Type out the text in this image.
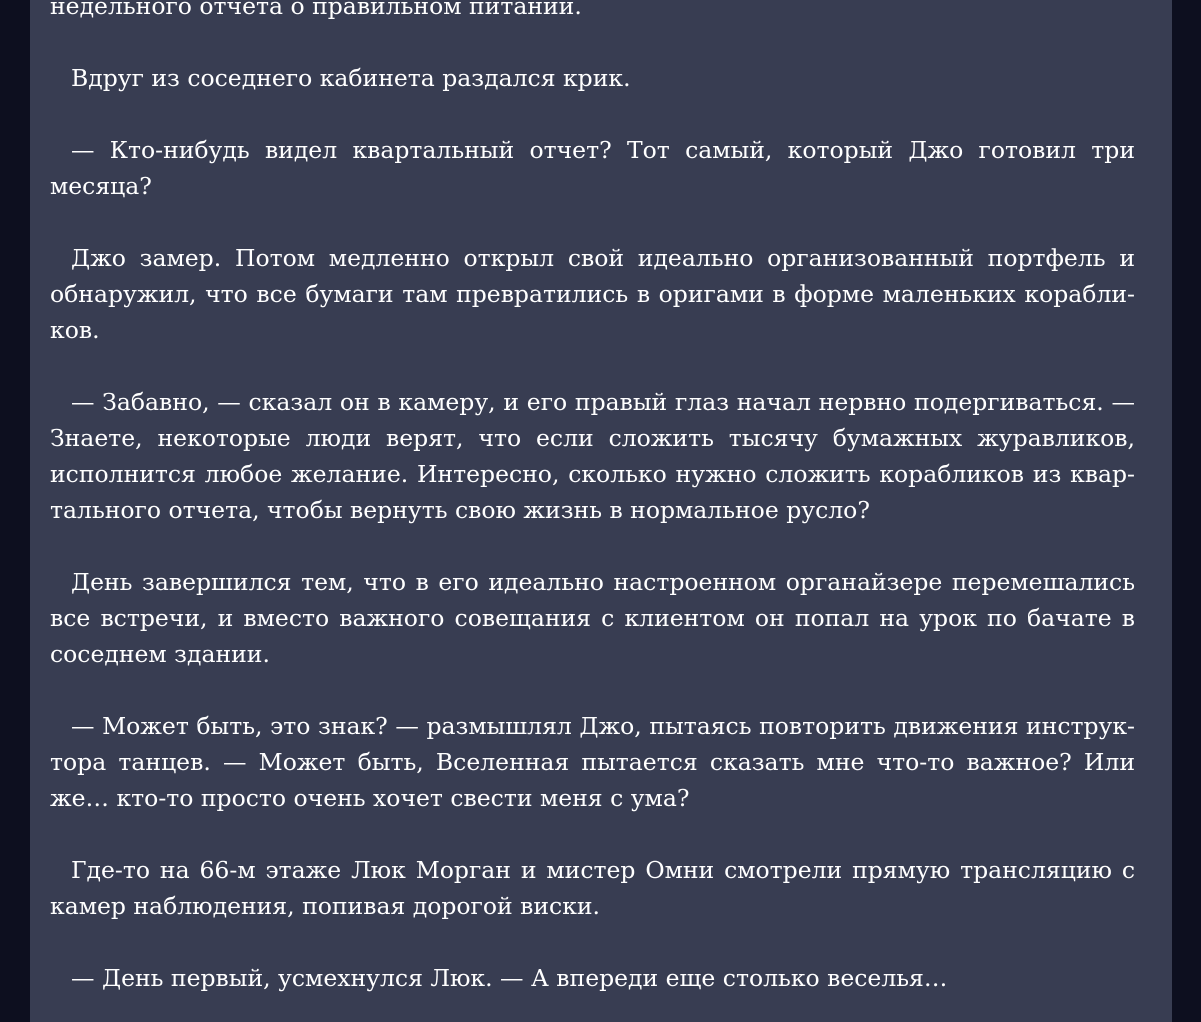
недельного отчета о правильном питании.

Вдруг из соседнего кабинета раздался крик.

— Кто-нибудь видел квартальный отчет? Тот самый, который Джо готовил три месяца?

Джо замер. Потом медленно открыл свой идеально организованный портфель и обнаружил, что все бумаги там превратились в оригами в форме маленьких корабликов.

— Забавно, — сказал он в камеру, и его правый глаз начал нервно подергиваться. — Знаете, некоторые люди верят, что если сложить тысячу бумажных журавликов, исполнится любое желание. Интересно, сколько нужно сложить корабликов из квартального отчета, чтобы вернуть свою жизнь в нормальное русло?

День завершился тем, что в его идеально настроенном органайзере перемешались все встречи, и вместо важного совещания с клиентом он попал на урок по бачате в соседнем здании.

— Может быть, это знак? — размышлял Джо, пытаясь повторить движения инструктора танцев. — Может быть, Вселенная пытается сказать мне что-то важное? Или же… кто-то просто очень хочет свести меня с ума?

Где-то на 66-м этаже Люк Морган и мистер Омни смотрели прямую трансляцию с камер наблюдения, попивая дорогой виски.

— День первый, усмехнулся Люк. — А впереди еще столько веселья…
